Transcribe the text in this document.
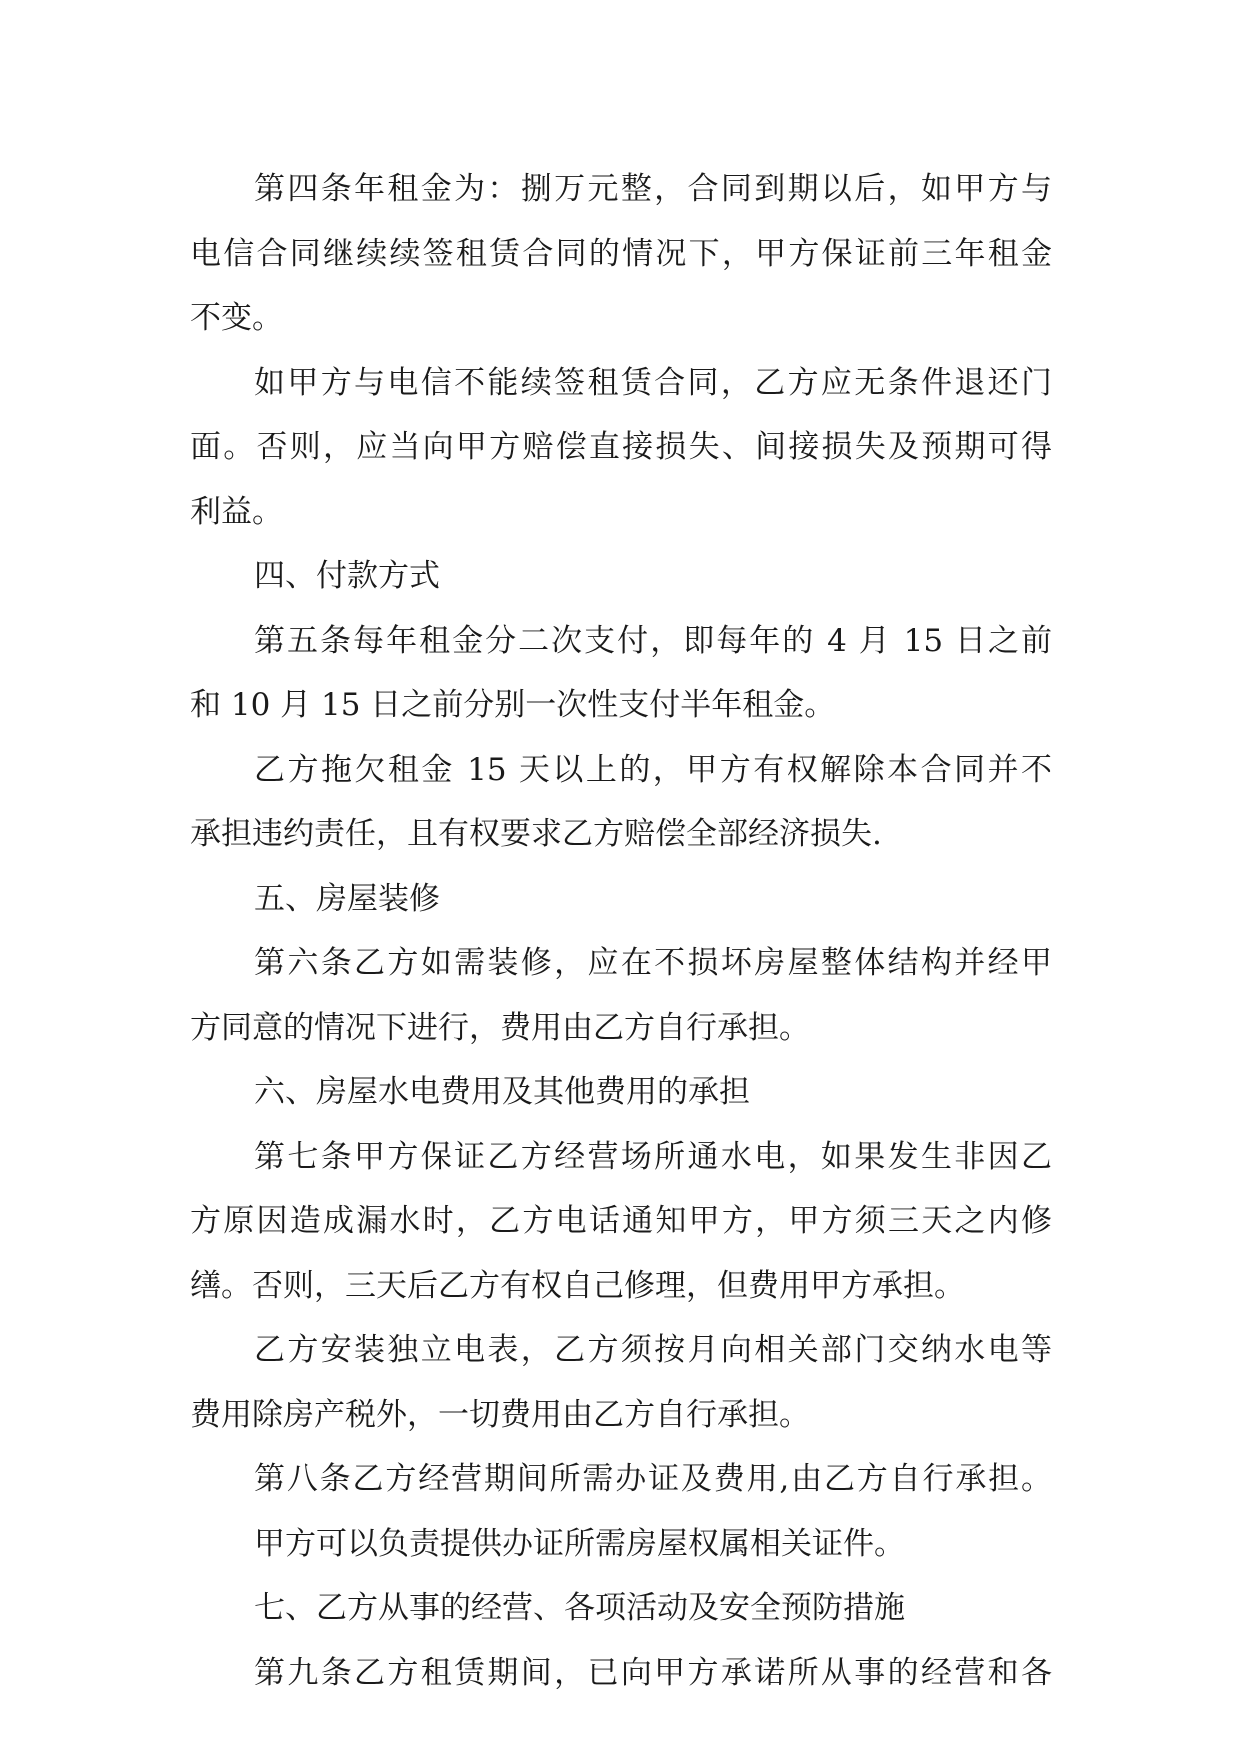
第四条年租金为：捌万元整，合同到期以后，如甲方与
电信合同继续续签租赁合同的情况下，甲方保证前三年租金
不变。
如甲方与电信不能续签租赁合同，乙方应无条件退还门
面。否则，应当向甲方赔偿直接损失、间接损失及预期可得
利益。
四、付款方式
第五条每年租金分二次支付，即每年的 4 月 15 日之前
和 10 月 15 日之前分别一次性支付半年租金。
乙方拖欠租金 15 天以上的，甲方有权解除本合同并不
承担违约责任，且有权要求乙方赔偿全部经济损失.
五、房屋装修
第六条乙方如需装修，应在不损坏房屋整体结构并经甲
方同意的情况下进行，费用由乙方自行承担。
六、房屋水电费用及其他费用的承担
第七条甲方保证乙方经营场所通水电，如果发生非因乙
方原因造成漏水时，乙方电话通知甲方，甲方须三天之内修
缮。否则，三天后乙方有权自己修理，但费用甲方承担。
乙方安装独立电表，乙方须按月向相关部门交纳水电等
费用除房产税外，一切费用由乙方自行承担。
第八条乙方经营期间所需办证及费用,由乙方自行承担。
甲方可以负责提供办证所需房屋权属相关证件。
七、乙方从事的经营、各项活动及安全预防措施
第九条乙方租赁期间，已向甲方承诺所从事的经营和各
